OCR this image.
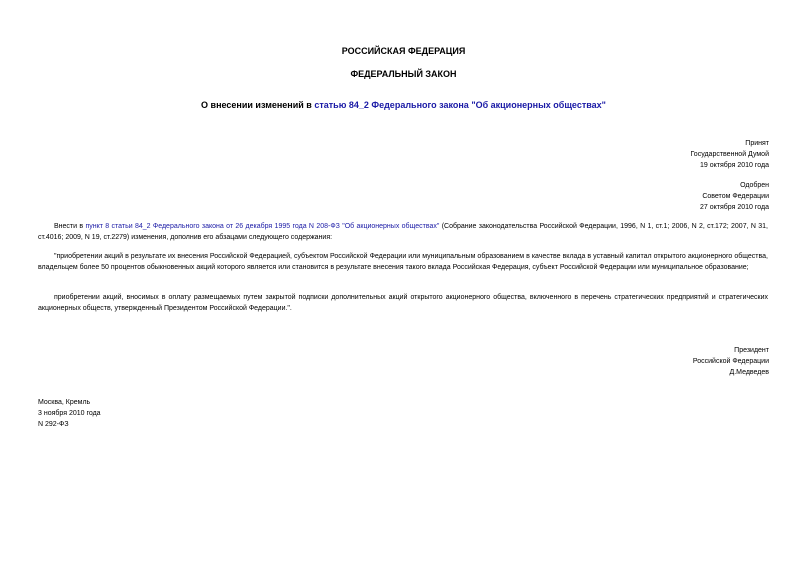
РОССИЙСКАЯ ФЕДЕРАЦИЯ
ФЕДЕРАЛЬНЫЙ ЗАКОН
О внесении изменений в статью 84_2 Федерального закона "Об акционерных обществах"
Принят
Государственной Думой
19 октября 2010 года
Одобрен
Советом Федерации
27 октября 2010 года
Внести в пункт 8 статьи 84_2 Федерального закона от 26 декабря 1995 года N 208-ФЗ "Об акционерных обществах" (Собрание законодательства Российской Федерации, 1996, N 1, ст.1; 2006, N 2, ст.172; 2007, N 31, ст.4016; 2009, N 19, ст.2279) изменения, дополнив его абзацами следующего содержания:
"приобретении акций в результате их внесения Российской Федерацией, субъектом Российской Федерации или муниципальным образованием в качестве вклада в уставный капитал открытого акционерного общества, владельцем более 50 процентов обыкновенных акций которого является или становится в результате внесения такого вклада Российская Федерация, субъект Российской Федерации или муниципальное образование;
приобретении акций, вносимых в оплату размещаемых путем закрытой подписки дополнительных акций открытого акционерного общества, включенного в перечень стратегических предприятий и стратегических акционерных обществ, утвержденный Президентом Российской Федерации.".
Президент
Российской Федерации
Д.Медведев
Москва, Кремль
3 ноября 2010 года
N 292-ФЗ
